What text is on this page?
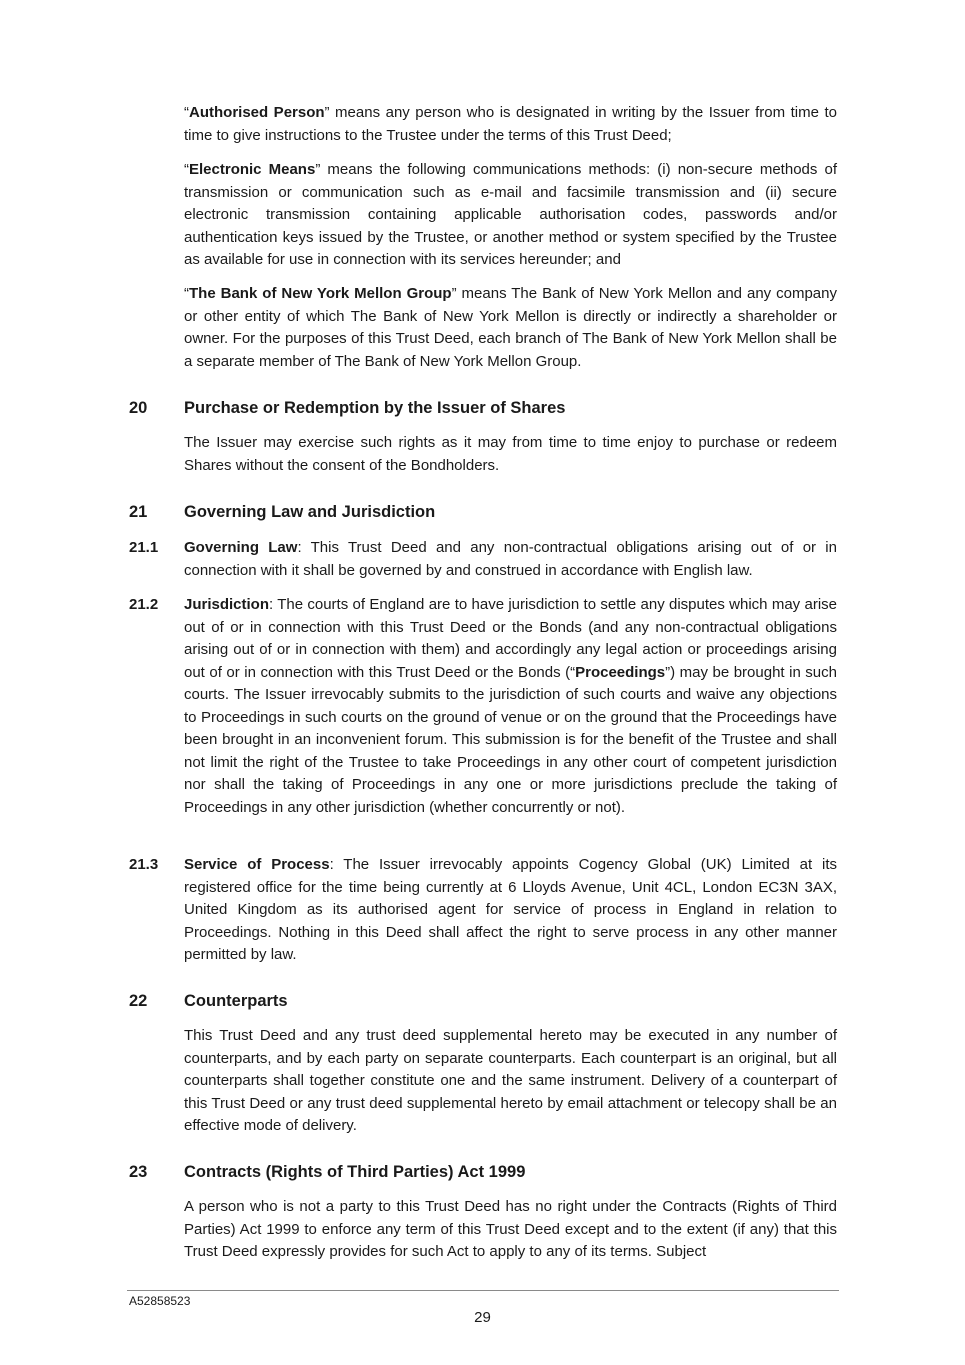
“Authorised Person” means any person who is designated in writing by the Issuer from time to time to give instructions to the Trustee under the terms of this Trust Deed;

“Electronic Means” means the following communications methods: (i) non-secure methods of transmission or communication such as e-mail and facsimile transmission and (ii) secure electronic transmission containing applicable authorisation codes, passwords and/or authentication keys issued by the Trustee, or another method or system specified by the Trustee as available for use in connection with its services hereunder; and

“The Bank of New York Mellon Group” means The Bank of New York Mellon and any company or other entity of which The Bank of New York Mellon is directly or indirectly a shareholder or owner. For the purposes of this Trust Deed, each branch of The Bank of New York Mellon shall be a separate member of The Bank of New York Mellon Group.

20 Purchase or Redemption by the Issuer of Shares

The Issuer may exercise such rights as it may from time to time enjoy to purchase or redeem Shares without the consent of the Bondholders.

21 Governing Law and Jurisdiction
21.1 Governing Law: This Trust Deed and any non-contractual obligations arising out of or in connection with it shall be governed by and construed in accordance with English law.

21.2 Jurisdiction: The courts of England are to have jurisdiction to settle any disputes which may arise out of or in connection with this Trust Deed or the Bonds (and any non-contractual obligations arising out of or in connection with them) and accordingly any legal action or proceedings arising out of or in connection with this Trust Deed or the Bonds (“Proceedings”) may be brought in such courts. The Issuer irrevocably submits to the jurisdiction of such courts and waive any objections to Proceedings in such courts on the ground of venue or on the ground that the Proceedings have been brought in an inconvenient forum. This submission is for the benefit of the Trustee and shall not limit the right of the Trustee to take Proceedings in any other court of competent jurisdiction nor shall the taking of Proceedings in any one or more jurisdictions preclude the taking of Proceedings in any other jurisdiction (whether concurrently or not).

21.3 Service of Process: The Issuer irrevocably appoints Cogency Global (UK) Limited at its registered office for the time being currently at 6 Lloyds Avenue, Unit 4CL, London EC3N 3AX, United Kingdom as its authorised agent for service of process in England in relation to Proceedings. Nothing in this Deed shall affect the right to serve process in any other manner permitted by law.

22 Counterparts

This Trust Deed and any trust deed supplemental hereto may be executed in any number of counterparts, and by each party on separate counterparts. Each counterpart is an original, but all counterparts shall together constitute one and the same instrument. Delivery of a counterpart of this Trust Deed or any trust deed supplemental hereto by email attachment or telecopy shall be an effective mode of delivery.

23 Contracts (Rights of Third Parties) Act 1999

A person who is not a party to this Trust Deed has no right under the Contracts (Rights of Third Parties) Act 1999 to enforce any term of this Trust Deed except and to the extent (if any) that this Trust Deed expressly provides for such Act to apply to any of its terms. Subject

A52858523
29
